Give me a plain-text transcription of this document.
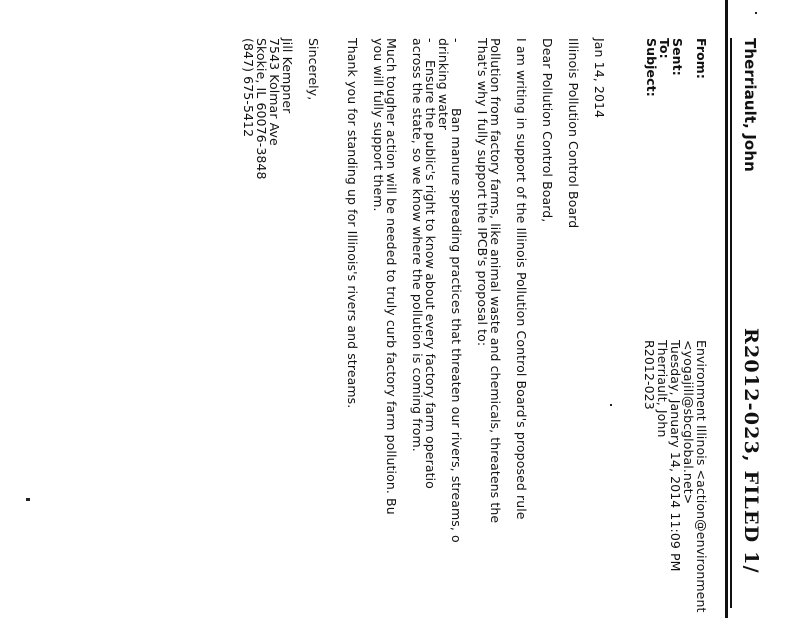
R2012-023, FILED 1/
Therriault, John
From:
Environment Illinois <action@environment
<yogajill@sbcglobal.net>
Sent:
Tuesday, January 14, 2014 11:09 PM
To:
Therriault, John
Subject:
R2012-023
Jan 14, 2014
Illinois Pollution Control Board
Dear Pollution Control Board,
I am writing in support of the Illinois Pollution Control Board's proposed rule
Pollution from factory farms, like animal waste and chemicals, threatens the
That's why I fully support the IPCB's proposal to:
-
Ban manure spreading practices that threaten our rivers, streams, o
drinking water
-
Ensure the public's right to know about every factory farm operatio
across the state, so we know where the pollution is coming from.
Much tougher action will be needed to truly curb factory farm pollution. Bu
you will fully support them.
Thank you for standing up for Illinois's rivers and streams.
Sincerely,
Jill Kempner
7543 Kolmar Ave
Skokie, IL 60076-3848
(847) 675-5412
